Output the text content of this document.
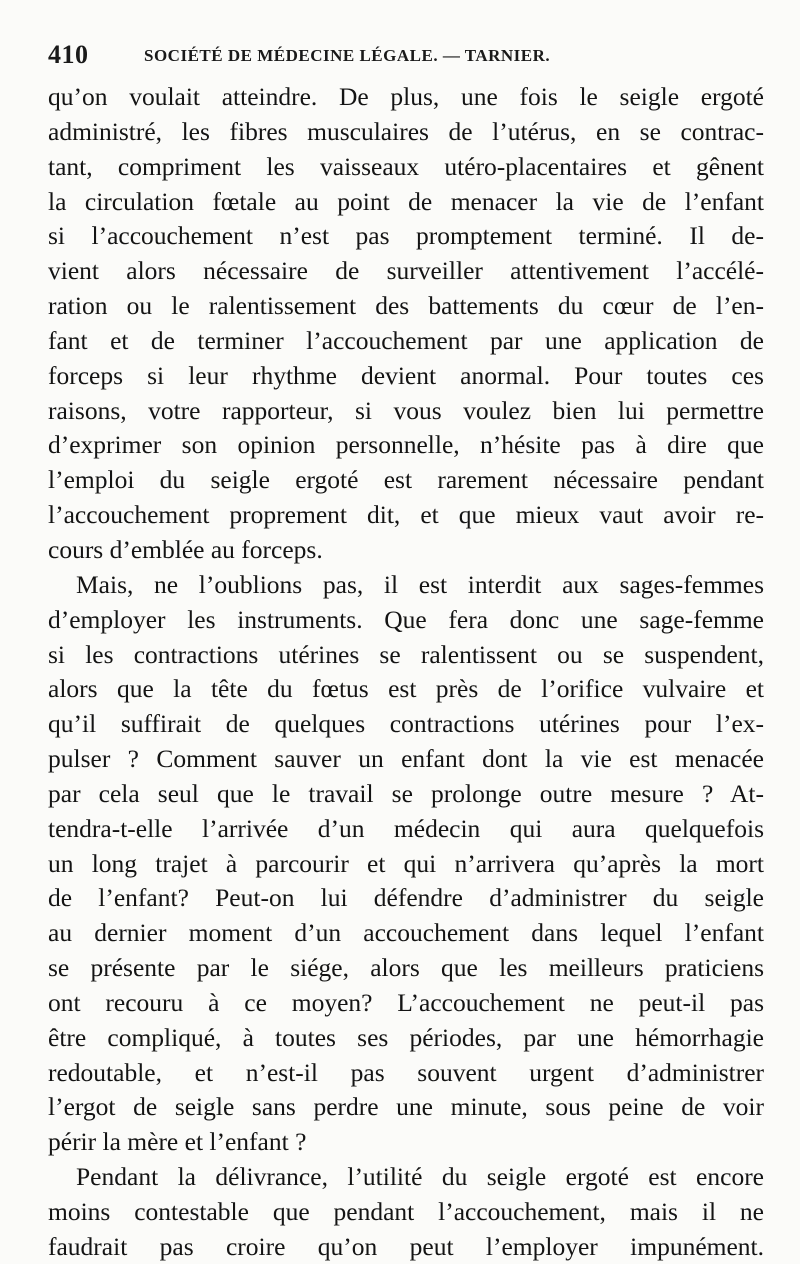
410	SOCIÉTÉ DE MÉDECINE LÉGALE. — TARNIER.
qu’on voulait atteindre. De plus, une fois le seigle ergoté
administré, les fibres musculaires de l’utérus, en se contrac-
tant, compriment les vaisseaux utéro-placentaires et gênent
la circulation fœtale au point de menacer la vie de l’enfant
si l’accouchement n’est pas promptement terminé. Il de-
vient alors nécessaire de surveiller attentivement l’accélé-
ration ou le ralentissement des battements du cœur de l’en-
fant et de terminer l’accouchement par une application de
forceps si leur rhythme devient anormal. Pour toutes ces
raisons, votre rapporteur, si vous voulez bien lui permettre
d’exprimer son opinion personnelle, n’hésite pas à dire que
l’emploi du seigle ergoté est rarement nécessaire pendant
l’accouchement proprement dit, et que mieux vaut avoir re-
cours d’emblée au forceps.
Mais, ne l’oublions pas, il est interdit aux sages-femmes
d’employer les instruments. Que fera donc une sage-femme
si les contractions utérines se ralentissent ou se suspendent,
alors que la tête du fœtus est près de l’orifice vulvaire et
qu’il suffirait de quelques contractions utérines pour l’ex-
pulser ? Comment sauver un enfant dont la vie est menacée
par cela seul que le travail se prolonge outre mesure ? At-
tendra-t-elle l’arrivée d’un médecin qui aura quelquefois
un long trajet à parcourir et qui n’arrivera qu’après la mort
de l’enfant? Peut-on lui défendre d’administrer du seigle
au dernier moment d’un accouchement dans lequel l’enfant
se présente par le siége, alors que les meilleurs praticiens
ont recouru à ce moyen? L’accouchement ne peut-il pas
être compliqué, à toutes ses périodes, par une hémorrhagie
redoutable, et n’est-il pas souvent urgent d’administrer
l’ergot de seigle sans perdre une minute, sous peine de voir
périr la mère et l’enfant ?
Pendant la délivrance, l’utilité du seigle ergoté est encore
moins contestable que pendant l’accouchement, mais il ne
faudrait pas croire qu’on peut l’employer impunément.
